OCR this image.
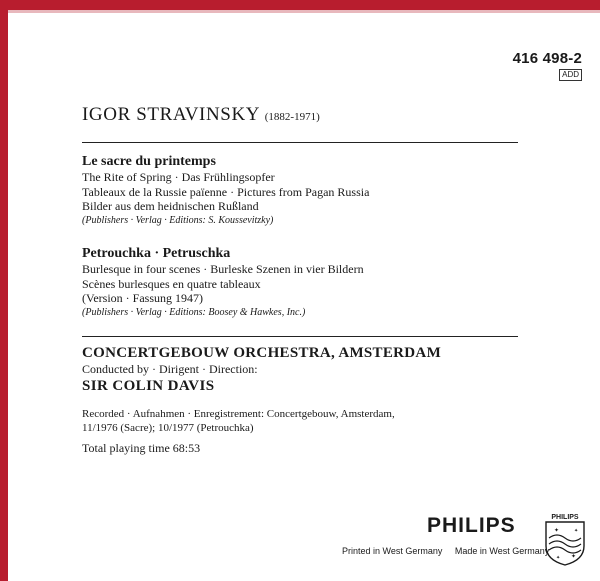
416 498-2
ADD
IGOR STRAVINSKY (1882-1971)
Le sacre du printemps
The Rite of Spring · Das Frühlingsopfer
Tableaux de la Russie païenne · Pictures from Pagan Russia
Bilder aus dem heidnischen Rußland
(Publishers · Verlag · Editions: S. Koussevitzky)
Petrouchka · Petruschka
Burlesque in four scenes · Burleske Szenen in vier Bildern
Scènes burlesques en quatre tableaux
(Version · Fassung 1947)
(Publishers · Verlag · Editions: Boosey & Hawkes, Inc.)
CONCERTGEBOUW ORCHESTRA, AMSTERDAM
Conducted by · Dirigent · Direction:
SIR COLIN DAVIS
Recorded · Aufnahmen · Enregistrement: Concertgebouw, Amsterdam,
11/1976 (Sacre); 10/1977 (Petrouchka)
Total playing time 68:53
PHILIPS
Printed in West Germany Made in West Germany
PHILIPS
✦
✦
✦
✦
